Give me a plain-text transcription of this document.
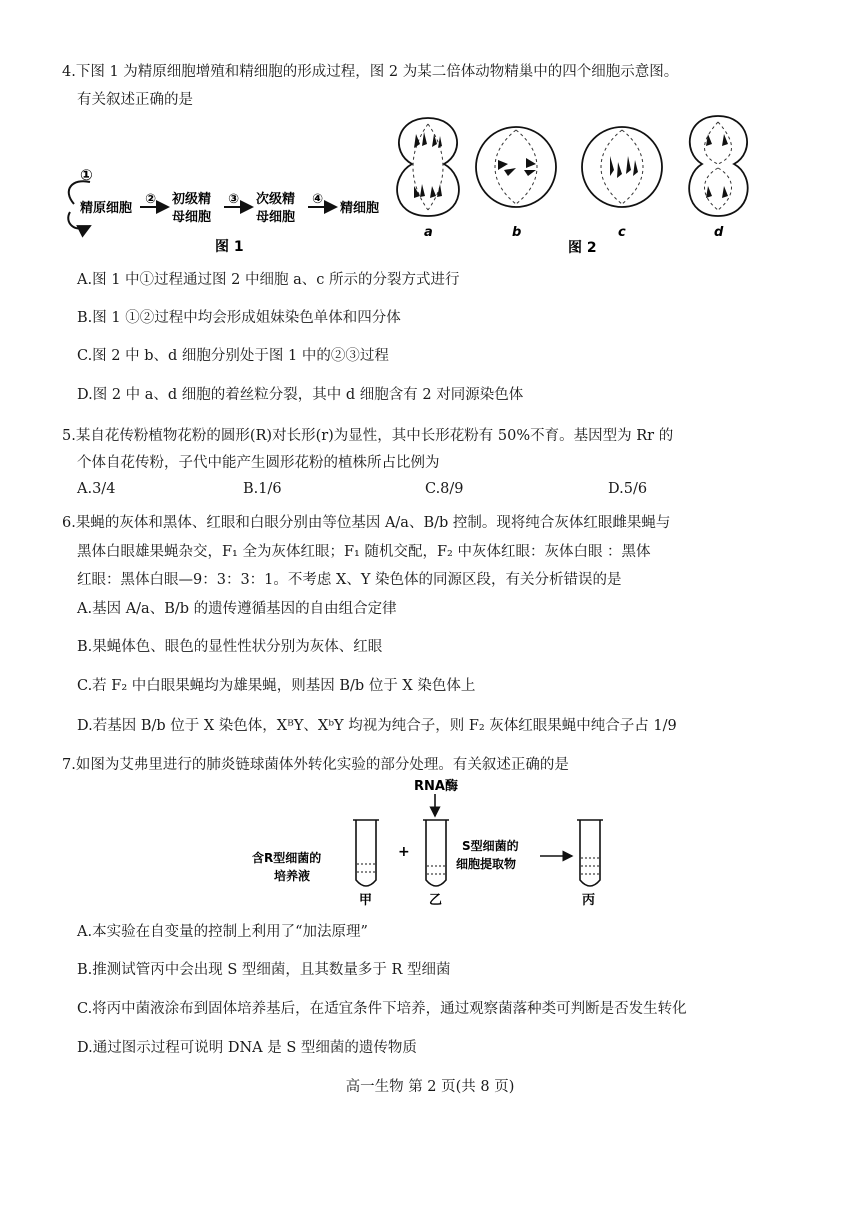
4.下图 1 为精原细胞增殖和精细胞的形成过程，图 2 为某二倍体动物精巢中的四个细胞示意图。
有关叙述正确的是
①
精原细胞
② 初级精
母细胞
③ 次级精
母细胞
④
精细胞
图 1
a	b	c	d
图 2
A.图 1 中①过程通过图 2 中细胞 a、c 所示的分裂方式进行
B.图 1 ①②过程中均会形成姐妹染色单体和四分体
C.图 2 中 b、d 细胞分别处于图 1 中的②③过程
D.图 2 中 a、d 细胞的着丝粒分裂，其中 d 细胞含有 2 对同源染色体
5.某自花传粉植物花粉的圆形(R)对长形(r)为显性，其中长形花粉有 50%不育。基因型为 Rr 的
个体自花传粉，子代中能产生圆形花粉的植株所占比例为
A.3/4	B.1/6	C.8/9	D.5/6
6.果蝇的灰体和黑体、红眼和白眼分别由等位基因 A/a、B/b 控制。现将纯合灰体红眼雌果蝇与
黑体白眼雄果蝇杂交，F₁ 全为灰体红眼；F₁ 随机交配，F₂ 中灰体红眼：灰体白眼 ：黑体
红眼：黑体白眼—9：3：3：1。不考虑 X、Y 染色体的同源区段，有关分析错误的是
A.基因 A/a、B/b 的遗传遵循基因的自由组合定律
B.果蝇体色、眼色的显性性状分别为灰体、红眼
C.若 F₂ 中白眼果蝇均为雄果蝇，则基因 B/b 位于 X 染色体上
D.若基因 B/b 位于 X 染色体，XᴮY、XᵇY 均视为纯合子，则 F₂ 灰体红眼果蝇中纯合子占 1/9
7.如图为艾弗里进行的肺炎链球菌体外转化实验的部分处理。有关叙述正确的是
RNA酶
含R型细菌的
培养液
甲
+
乙
S型细菌的
细胞提取物
丙
A.本实验在自变量的控制上利用了“加法原理”
B.推测试管丙中会出现 S 型细菌，且其数量多于 R 型细菌
C.将丙中菌液涂布到固体培养基后，在适宜条件下培养，通过观察菌落种类可判断是否发生转化
D.通过图示过程可说明 DNA 是 S 型细菌的遗传物质
高一生物 第 2 页(共 8 页)
